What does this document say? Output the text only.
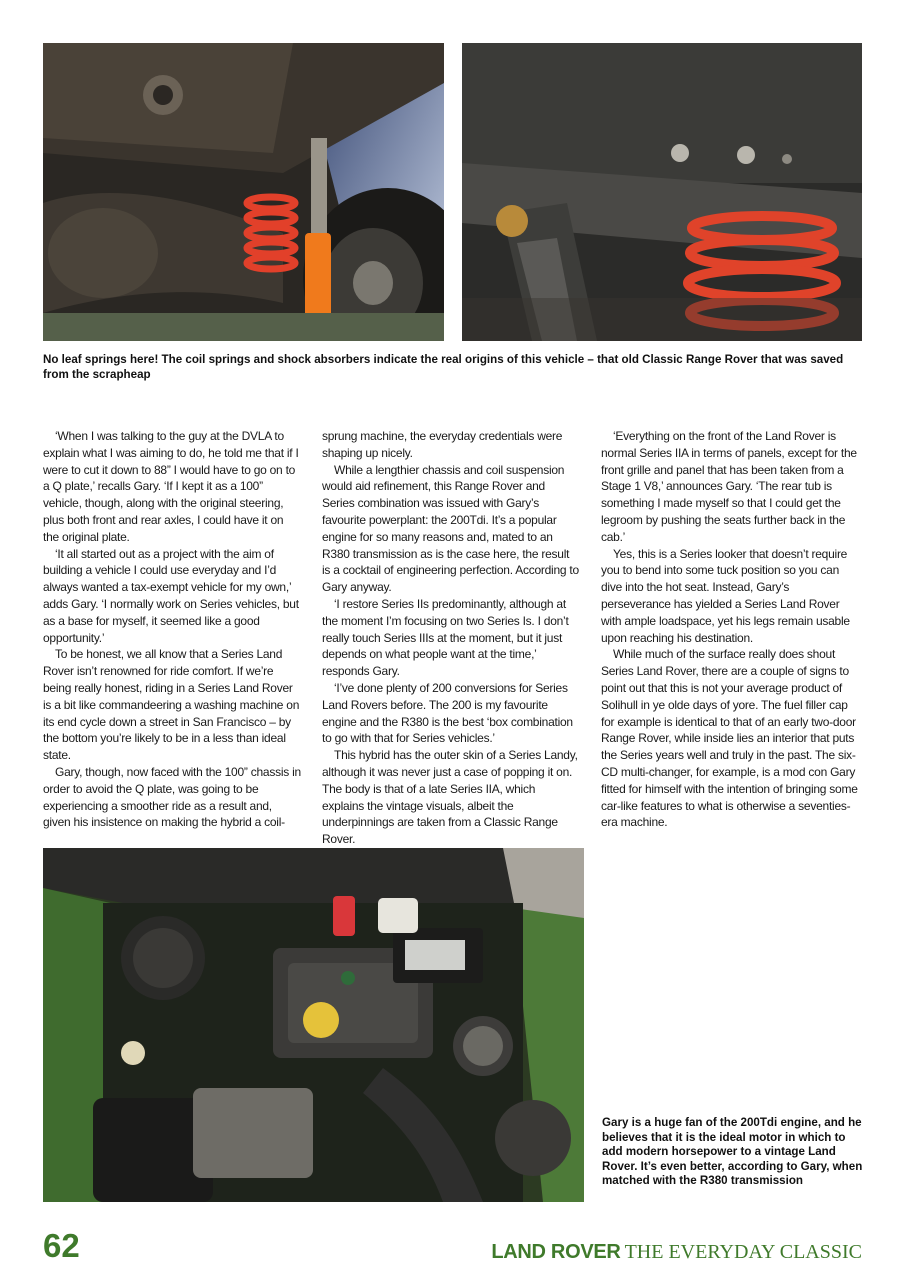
No leaf springs here! The coil springs and shock absorbers indicate the real origins of this vehicle – that old Classic Range Rover that was saved from the scrapheap

‘When I was talking to the guy at the DVLA to explain what I was aiming to do, he told me that if I were to cut it down to 88” I would have to go on to a Q plate,’ recalls Gary. ‘If I kept it as a 100” vehicle, though, along with the original steering, plus both front and rear axles, I could have it on the original plate.

‘It all started out as a project with the aim of building a vehicle I could use everyday and I’d always wanted a tax-exempt vehicle for my own,’ adds Gary. ‘I normally work on Series vehicles, but as a base for myself, it seemed like a good opportunity.’

To be honest, we all know that a Series Land Rover isn’t renowned for ride comfort. If we’re being really honest, riding in a Series Land Rover is a bit like commandeering a washing machine on its end cycle down a street in San Francisco – by the bottom you’re likely to be in a less than ideal state.

Gary, though, now faced with the 100” chassis in order to avoid the Q plate, was going to be experiencing a smoother ride as a result and, given his insistence on making the hybrid a coil-

sprung machine, the everyday credentials were shaping up nicely.

While a lengthier chassis and coil suspension would aid refinement, this Range Rover and Series combination was issued with Gary’s favourite powerplant: the 200Tdi. It’s a popular engine for so many reasons and, mated to an R380 transmission as is the case here, the result is a cocktail of engineering perfection. According to Gary anyway.

‘I restore Series IIs predominantly, although at the moment I’m focusing on two Series Is. I don’t really touch Series IIIs at the moment, but it just depends on what people want at the time,’ responds Gary.

‘I’ve done plenty of 200 conversions for Series Land Rovers before. The 200 is my favourite engine and the R380 is the best ‘box combination to go with that for Series vehicles.’

This hybrid has the outer skin of a Series Landy, although it was never just a case of popping it on. The body is that of a late Series IIA, which explains the vintage visuals, albeit the underpinnings are taken from a Classic Range Rover.

‘Everything on the front of the Land Rover is normal Series IIA in terms of panels, except for the front grille and panel that has been taken from a Stage 1 V8,’ announces Gary. ‘The rear tub is something I made myself so that I could get the legroom by pushing the seats further back in the cab.’

Yes, this is a Series looker that doesn’t require you to bend into some tuck position so you can dive into the hot seat. Instead, Gary’s perseverance has yielded a Series Land Rover with ample loadspace, yet his legs remain usable upon reaching his destination.

While much of the surface really does shout Series Land Rover, there are a couple of signs to point out that this is not your average product of Solihull in ye olde days of yore. The fuel filler cap for example is identical to that of an early two-door Range Rover, while inside lies an interior that puts the Series years well and truly in the past. The six-CD multi-changer, for example, is a mod con Gary fitted for himself with the intention of bringing some car-like features to what is otherwise a seventies-era machine.

Gary is a huge fan of the 200Tdi engine, and he believes that it is the ideal motor in which to add modern horsepower to a vintage Land Rover. It’s even better, according to Gary, when matched with the R380 transmission

62	LAND ROVER THE EVERYDAY CLASSIC
